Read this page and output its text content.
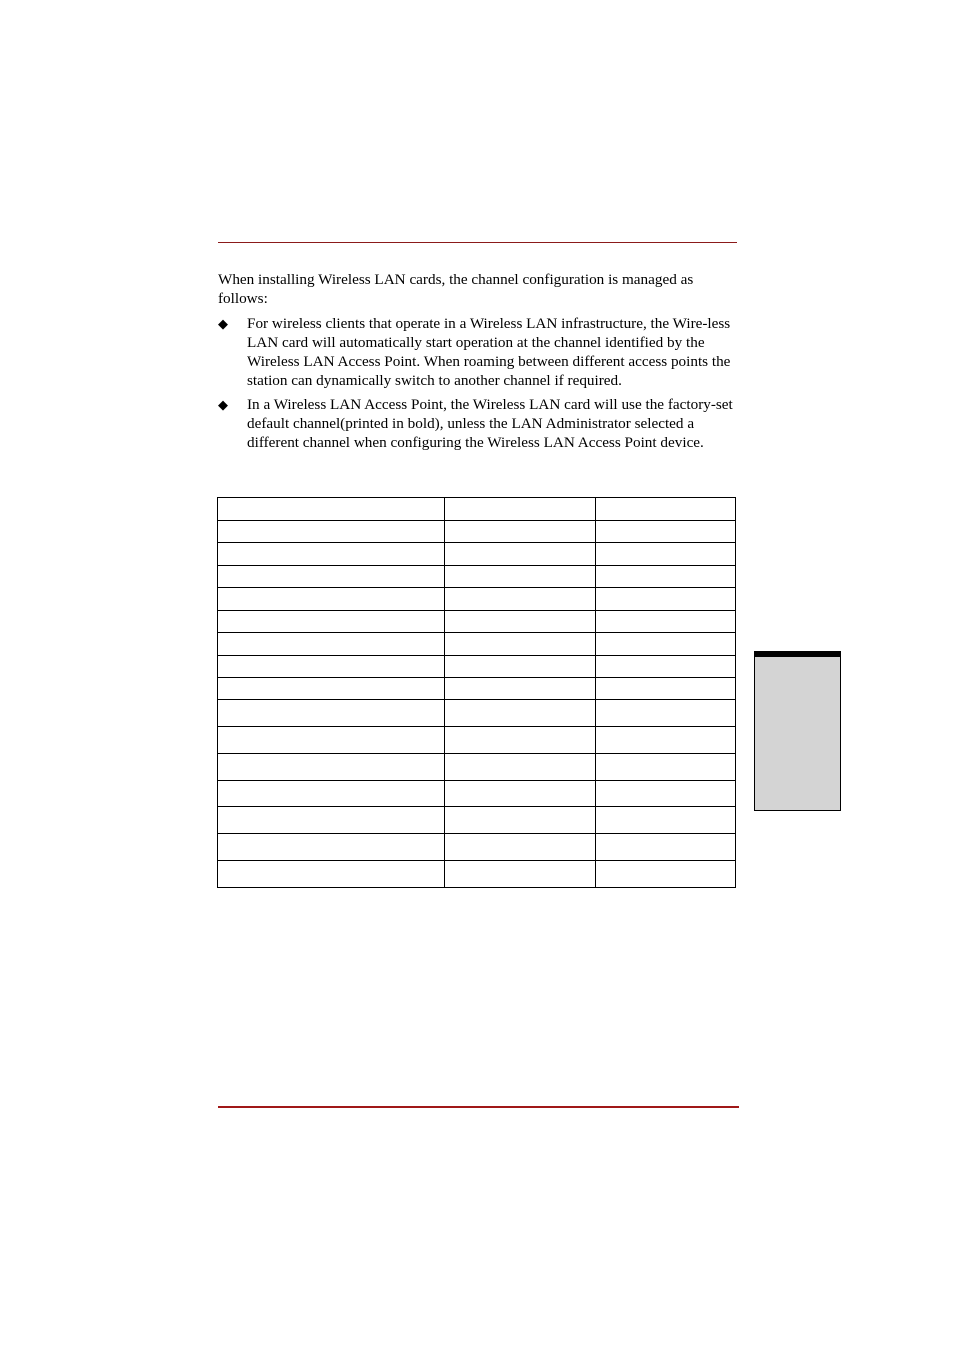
When installing Wireless LAN cards, the channel configuration is managed as follows:

◆ For wireless clients that operate in a Wireless LAN infrastructure, the Wire-less LAN card will automatically start operation at the channel identified by the Wireless LAN Access Point. When roaming between different access points the station can dynamically switch to another channel if required.
◆ In a Wireless LAN Access Point, the Wireless LAN card will use the factory-set default channel(printed in bold), unless the LAN Administrator selected a different channel when configuring the Wireless LAN Access Point device.
